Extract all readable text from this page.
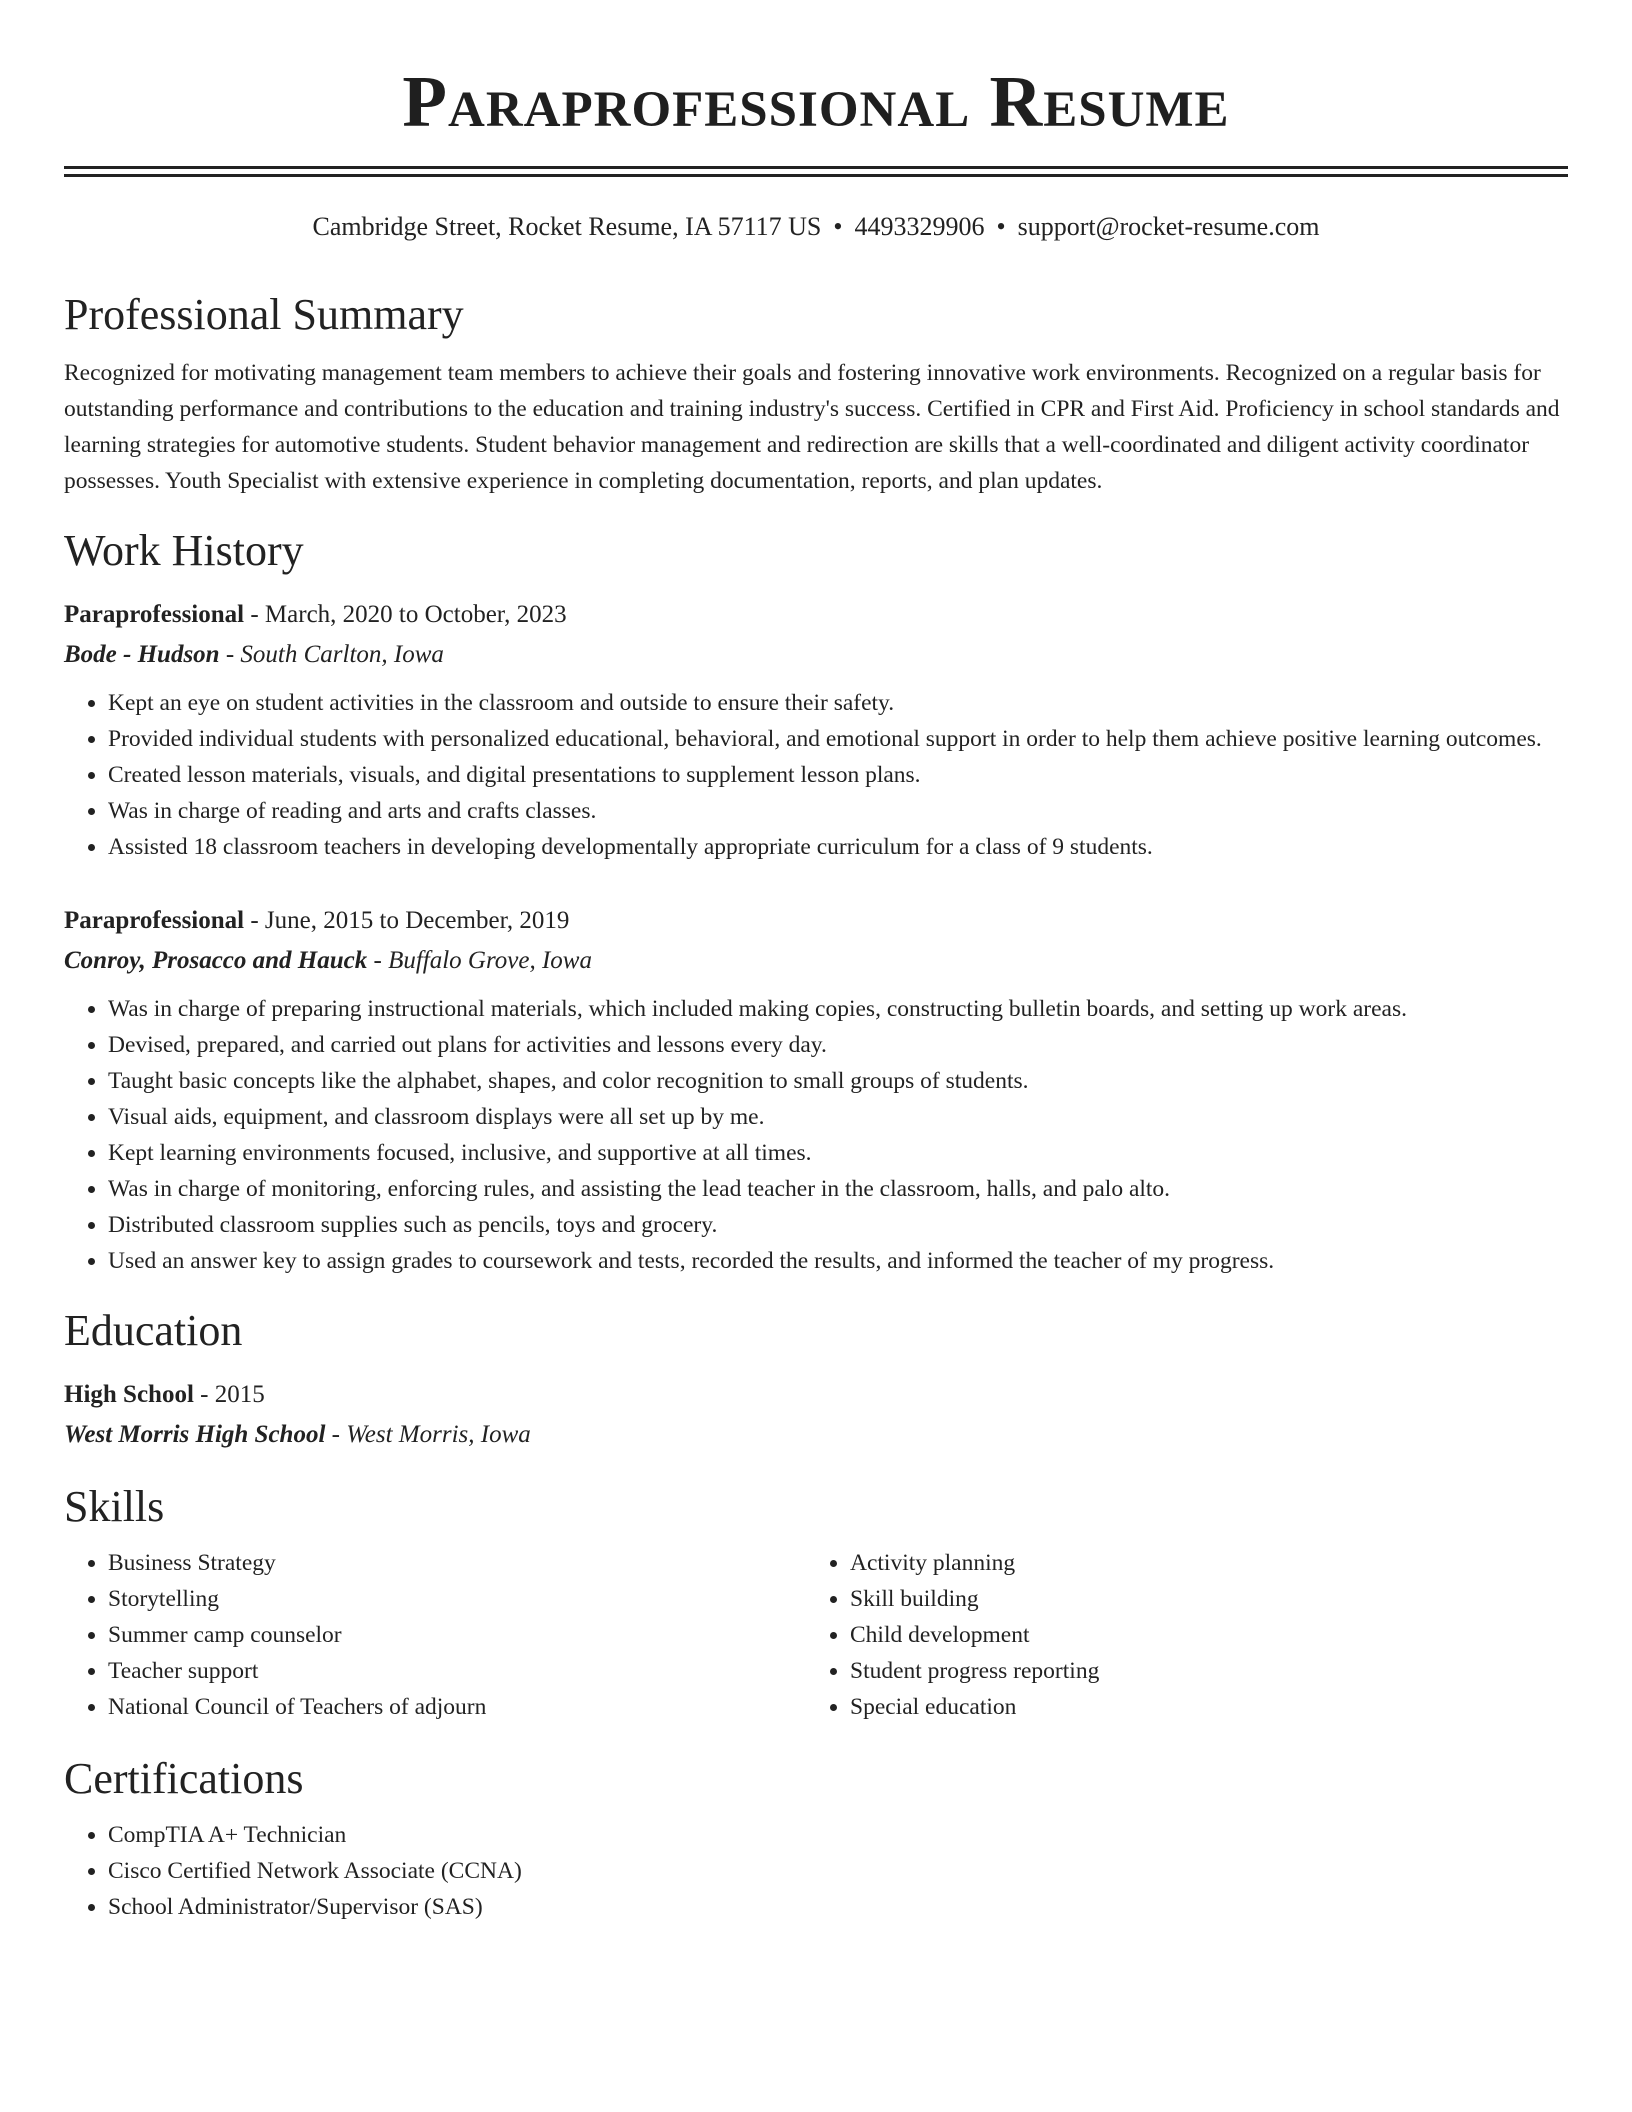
Paraprofessional Resume
Cambridge Street, Rocket Resume, IA 57117 US • 4493329906 • support@rocket-resume.com
Professional Summary
Recognized for motivating management team members to achieve their goals and fostering innovative work environments. Recognized on a regular basis for outstanding performance and contributions to the education and training industry's success. Certified in CPR and First Aid. Proficiency in school standards and learning strategies for automotive students. Student behavior management and redirection are skills that a well-coordinated and diligent activity coordinator possesses. Youth Specialist with extensive experience in completing documentation, reports, and plan updates.
Work History
Paraprofessional - March, 2020 to October, 2023
Bode - Hudson - South Carlton, Iowa
• Kept an eye on student activities in the classroom and outside to ensure their safety.
• Provided individual students with personalized educational, behavioral, and emotional support in order to help them achieve positive learning outcomes.
• Created lesson materials, visuals, and digital presentations to supplement lesson plans.
• Was in charge of reading and arts and crafts classes.
• Assisted 18 classroom teachers in developing developmentally appropriate curriculum for a class of 9 students.
Paraprofessional - June, 2015 to December, 2019
Conroy, Prosacco and Hauck - Buffalo Grove, Iowa
• Was in charge of preparing instructional materials, which included making copies, constructing bulletin boards, and setting up work areas.
• Devised, prepared, and carried out plans for activities and lessons every day.
• Taught basic concepts like the alphabet, shapes, and color recognition to small groups of students.
• Visual aids, equipment, and classroom displays were all set up by me.
• Kept learning environments focused, inclusive, and supportive at all times.
• Was in charge of monitoring, enforcing rules, and assisting the lead teacher in the classroom, halls, and palo alto.
• Distributed classroom supplies such as pencils, toys and grocery.
• Used an answer key to assign grades to coursework and tests, recorded the results, and informed the teacher of my progress.
Education
High School - 2015
West Morris High School - West Morris, Iowa
Skills
• Business Strategy
• Storytelling
• Summer camp counselor
• Teacher support
• National Council of Teachers of adjourn
• Activity planning
• Skill building
• Child development
• Student progress reporting
• Special education
Certifications
• CompTIA A+ Technician
• Cisco Certified Network Associate (CCNA)
• School Administrator/Supervisor (SAS)
